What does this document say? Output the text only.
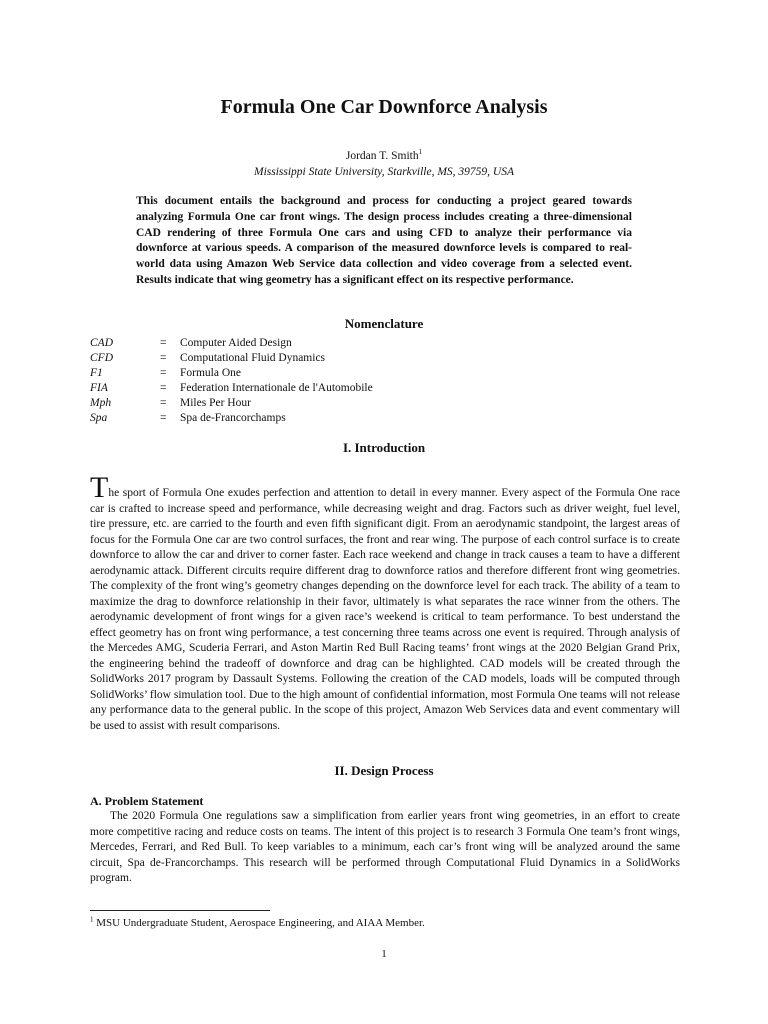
Formula One Car Downforce Analysis
Jordan T. Smith$^1$
Mississippi State University, Starkville, MS, 39759, USA

This document entails the background and process for conducting a project geared towards analyzing Formula One car front wings. The design process includes creating a three-dimensional CAD rendering of three Formula One cars and using CFD to analyze their performance via downforce at various speeds. A comparison of the measured downforce levels is compared to real-world data using Amazon Web Service data collection and video coverage from a selected event. Results indicate that wing geometry has a significant effect on its respective performance.

Nomenclature
CAD	=	Computer Aided Design
CFD	=	Computational Fluid Dynamics
F1	=	Formula One
FIA	=	Federation Internationale de l'Automobile
Mph	=	Miles Per Hour
Spa	=	Spa de-Francorchamps
I. Introduction

The sport of Formula One exudes perfection and attention to detail in every manner. Every aspect of the Formula One race car is crafted to increase speed and performance, while decreasing weight and drag. Factors such as driver weight, fuel level, tire pressure, etc. are carried to the fourth and even fifth significant digit. From an aerodynamic standpoint, the largest areas of focus for the Formula One car are two control surfaces, the front and rear wing. The purpose of each control surface is to create downforce to allow the car and driver to corner faster. Each race weekend and change in track causes a team to have a different aerodynamic attack. Different circuits require different drag to downforce ratios and therefore different front wing geometries. The complexity of the front wing’s geometry changes depending on the downforce level for each track. The ability of a team to maximize the drag to downforce relationship in their favor, ultimately is what separates the race winner from the others. The aerodynamic development of front wings for a given race’s weekend is critical to team performance. To best understand the effect geometry has on front wing performance, a test concerning three teams across one event is required. Through analysis of the Mercedes AMG, Scuderia Ferrari, and Aston Martin Red Bull Racing teams’ front wings at the 2020 Belgian Grand Prix, the engineering behind the tradeoff of downforce and drag can be highlighted. CAD models will be created through the SolidWorks 2017 program by Dassault Systems. Following the creation of the CAD models, loads will be computed through SolidWorks’ flow simulation tool. Due to the high amount of confidential information, most Formula One teams will not release any performance data to the general public. In the scope of this project, Amazon Web Services data and event commentary will be used to assist with result comparisons.

II. Design Process
A. Problem Statement

The 2020 Formula One regulations saw a simplification from earlier years front wing geometries, in an effort to create more competitive racing and reduce costs on teams. The intent of this project is to research 3 Formula One team’s front wings, Mercedes, Ferrari, and Red Bull. To keep variables to a minimum, each car’s front wing will be analyzed around the same circuit, Spa de-Francorchamps. This research will be performed through Computational Fluid Dynamics in a SolidWorks program.

$^1$ MSU Undergraduate Student, Aerospace Engineering, and AIAA Member.
1
